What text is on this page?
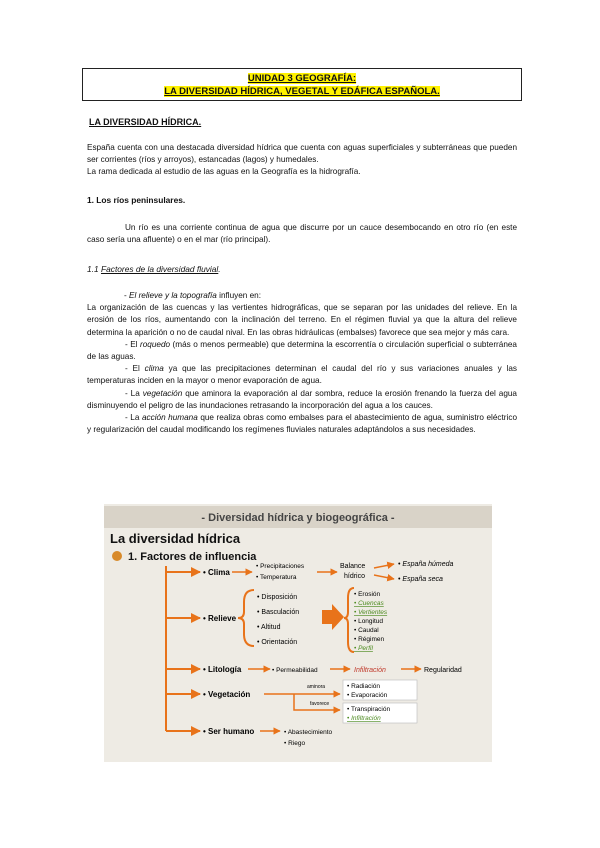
UNIDAD 3 GEOGRAFÍA:
LA DIVERSIDAD HÍDRICA, VEGETAL Y EDÁFICA ESPAÑOLA.
LA DIVERSIDAD HÍDRICA.
España cuenta con una destacada diversidad hídrica que cuenta con aguas superficiales y subterráneas que pueden ser corrientes (ríos y arroyos), estancadas (lagos) y humedales.
La rama dedicada al estudio de las aguas en la Geografía es la hidrografía.
1. Los ríos peninsulares.
Un río es una corriente continua de agua que discurre por un cauce desembocando en otro río (en este caso sería una afluente) o en el mar (río principal).
1.1 Factores de la diversidad fluvial.
- El relieve y la topografía influyen en:
La organización de las cuencas y las vertientes hidrográficas, que se separan por las unidades del relieve. En la erosión de los ríos, aumentando con la inclinación del terreno. En el régimen fluvial ya que la altura del relieve determina la aparición o no de caudal nival. En las obras hidráulicas (embalses) favorece que sea mejor y más cara.
- El roquedo (más o menos permeable) que determina la escorrentía o circulación superficial o subterránea de las aguas.
- El clima ya que las precipitaciones determinan el caudal del río y sus variaciones anuales y las temperaturas inciden en la mayor o menor evaporación de agua.
- La vegetación que aminora la evaporación al dar sombra, reduce la erosión frenando la fuerza del agua disminuyendo el peligro de las inundaciones retrasando la incorporación del agua a los cauces.
- La acción humana que realiza obras como embalses para el abastecimiento de agua, suministro eléctrico y regularización del caudal modificando los regímenes fluviales naturales adaptándolos a sus necesidades.
- Diversidad hídrica y biogeográfica -
La diversidad hídrica
1. Factores de influencia
• Clima
• Precipitaciones
• Temperatura
Balance
hídrico
• España húmeda
• España seca
• Relieve
• Disposición
• Basculación
• Altitud
• Orientación
• Erosión
• Cuencas
• Vertientes
• Longitud
• Caudal
• Régimen
• Perfil
• Litología	• Permeabilidad	Infiltración	Regularidad
• Vegetación
aminora
favorece
• Radiación
• Evaporación
• Transpiración
• Infiltración
• Ser humano	• Abastecimiento
• Riego
